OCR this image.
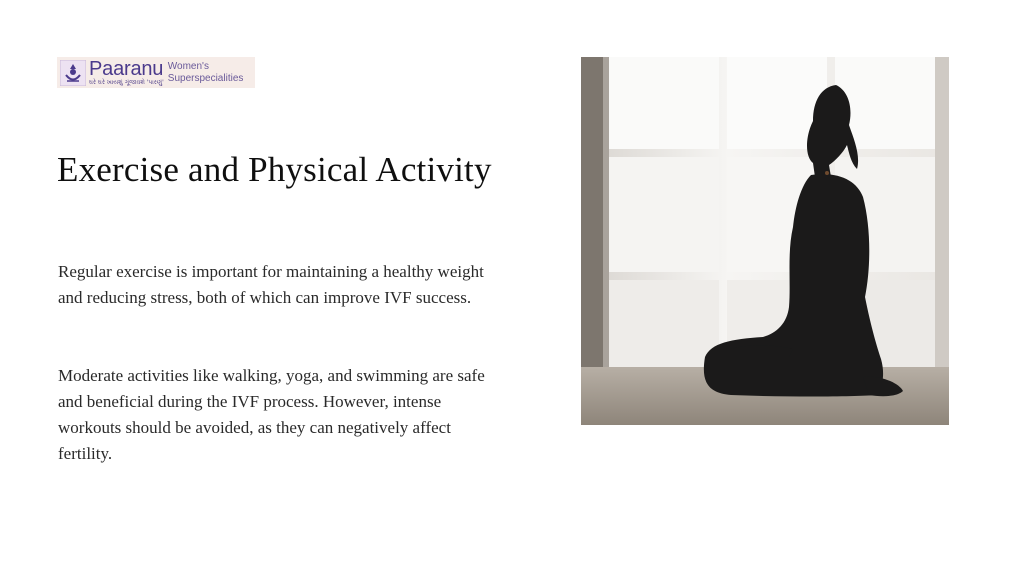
Paaranu
ઘરે ઘરે ખાયશું ગૂંજાવશે 'પારણું'
Women's
Superspecialities
Exercise and Physical Activity

Regular exercise is important for maintaining a healthy weight and reducing stress, both of which can improve IVF success.

Moderate activities like walking, yoga, and swimming are safe and beneficial during the IVF process. However, intense workouts should be avoided, as they can negatively affect fertility.
